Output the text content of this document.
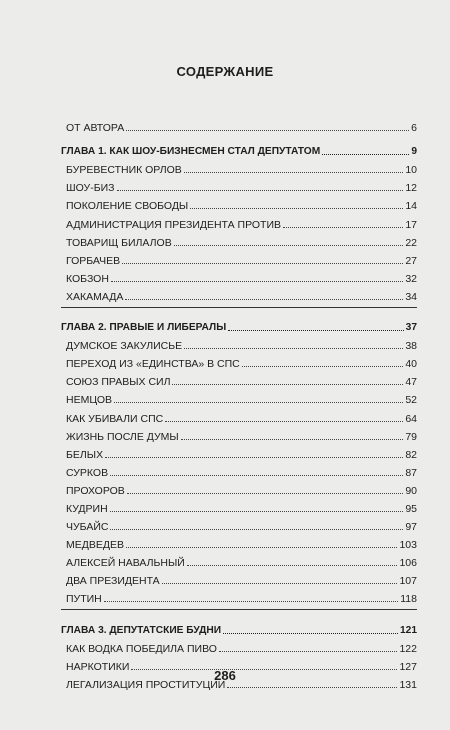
СОДЕРЖАНИЕ
ОТ АВТОРА	6
ГЛАВА 1. КАК ШОУ-БИЗНЕСМЕН СТАЛ ДЕПУТАТОМ	9
БУРЕВЕСТНИК ОРЛОВ	10
ШОУ-БИЗ	12
ПОКОЛЕНИЕ СВОБОДЫ	14
АДМИНИСТРАЦИЯ ПРЕЗИДЕНТА ПРОТИВ	17
ТОВАРИЩ БИЛАЛОВ	22
ГОРБАЧЕВ	27
КОБЗОН	32
ХАКАМАДА	34
ГЛАВА 2. ПРАВЫЕ И ЛИБЕРАЛЫ	37
ДУМСКОЕ ЗАКУЛИСЬЕ	38
ПЕРЕХОД ИЗ «ЕДИНСТВА» В СПС	40
СОЮЗ ПРАВЫХ СИЛ	47
НЕМЦОВ	52
КАК УБИВАЛИ СПС	64
ЖИЗНЬ ПОСЛЕ ДУМЫ	79
БЕЛЫХ	82
СУРКОВ	87
ПРОХОРОВ	90
КУДРИН	95
ЧУБАЙС	97
МЕДВЕДЕВ	103
АЛЕКСЕЙ НАВАЛЬНЫЙ	106
ДВА ПРЕЗИДЕНТА	107
ПУТИН	118
ГЛАВА 3. ДЕПУТАТСКИЕ БУДНИ	121
КАК ВОДКА ПОБЕДИЛА ПИВО	122
НАРКОТИКИ	127
ЛЕГАЛИЗАЦИЯ ПРОСТИТУЦИИ	131
286
